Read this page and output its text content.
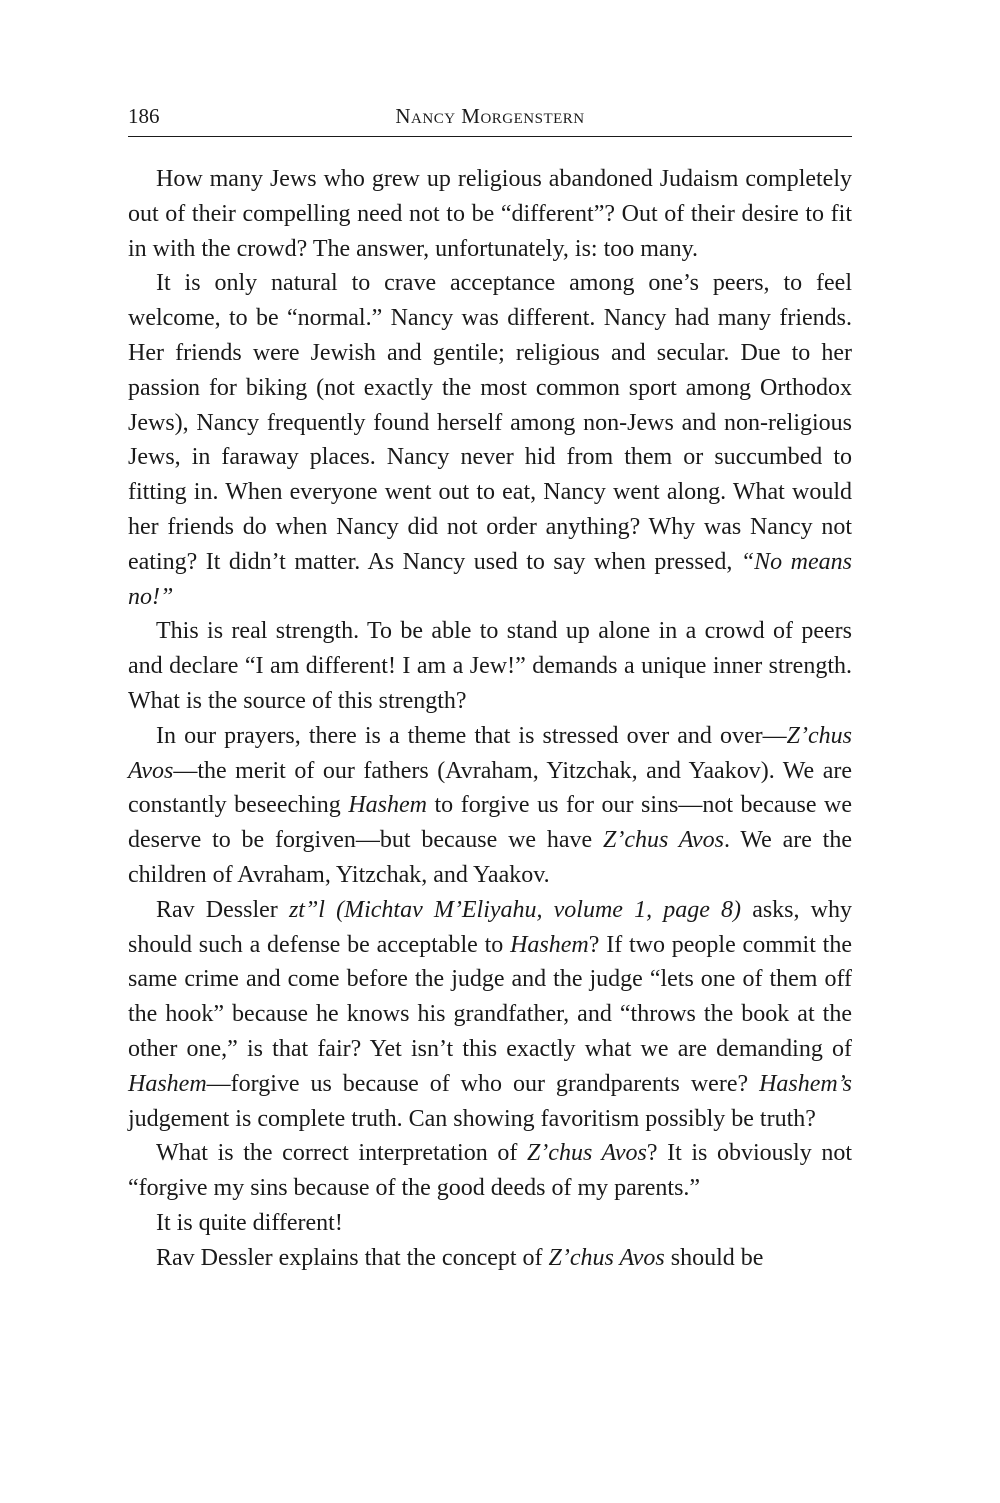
186	Nancy Morgenstern

How many Jews who grew up religious abandoned Judaism completely out of their compelling need not to be “different”? Out of their desire to fit in with the crowd? The answer, unfortunately, is: too many.

It is only natural to crave acceptance among one’s peers, to feel welcome, to be “normal.” Nancy was different. Nancy had many friends. Her friends were Jewish and gentile; religious and secular. Due to her passion for biking (not exactly the most common sport among Orthodox Jews), Nancy frequently found herself among non-Jews and non-religious Jews, in faraway places. Nancy never hid from them or succumbed to fitting in. When everyone went out to eat, Nancy went along. What would her friends do when Nancy did not order anything? Why was Nancy not eating? It didn’t matter. As Nancy used to say when pressed, “No means no!”

This is real strength. To be able to stand up alone in a crowd of peers and declare “I am different! I am a Jew!” demands a unique inner strength. What is the source of this strength?

In our prayers, there is a theme that is stressed over and over—Z’chus Avos—the merit of our fathers (Avraham, Yitzchak, and Yaakov). We are constantly beseeching Hashem to forgive us for our sins—not because we deserve to be forgiven—but because we have Z’chus Avos. We are the children of Avraham, Yitzchak, and Yaakov.

Rav Dessler zt”l (Michtav M’Eliyahu, volume 1, page 8) asks, why should such a defense be acceptable to Hashem? If two people commit the same crime and come before the judge and the judge “lets one of them off the hook” because he knows his grandfather, and “throws the book at the other one,” is that fair? Yet isn’t this exactly what we are demanding of Hashem—forgive us because of who our grandparents were? Hashem’s judgement is complete truth. Can showing favoritism possibly be truth?

What is the correct interpretation of Z’chus Avos? It is obviously not “forgive my sins because of the good deeds of my parents.”

It is quite different!

Rav Dessler explains that the concept of Z’chus Avos should be
